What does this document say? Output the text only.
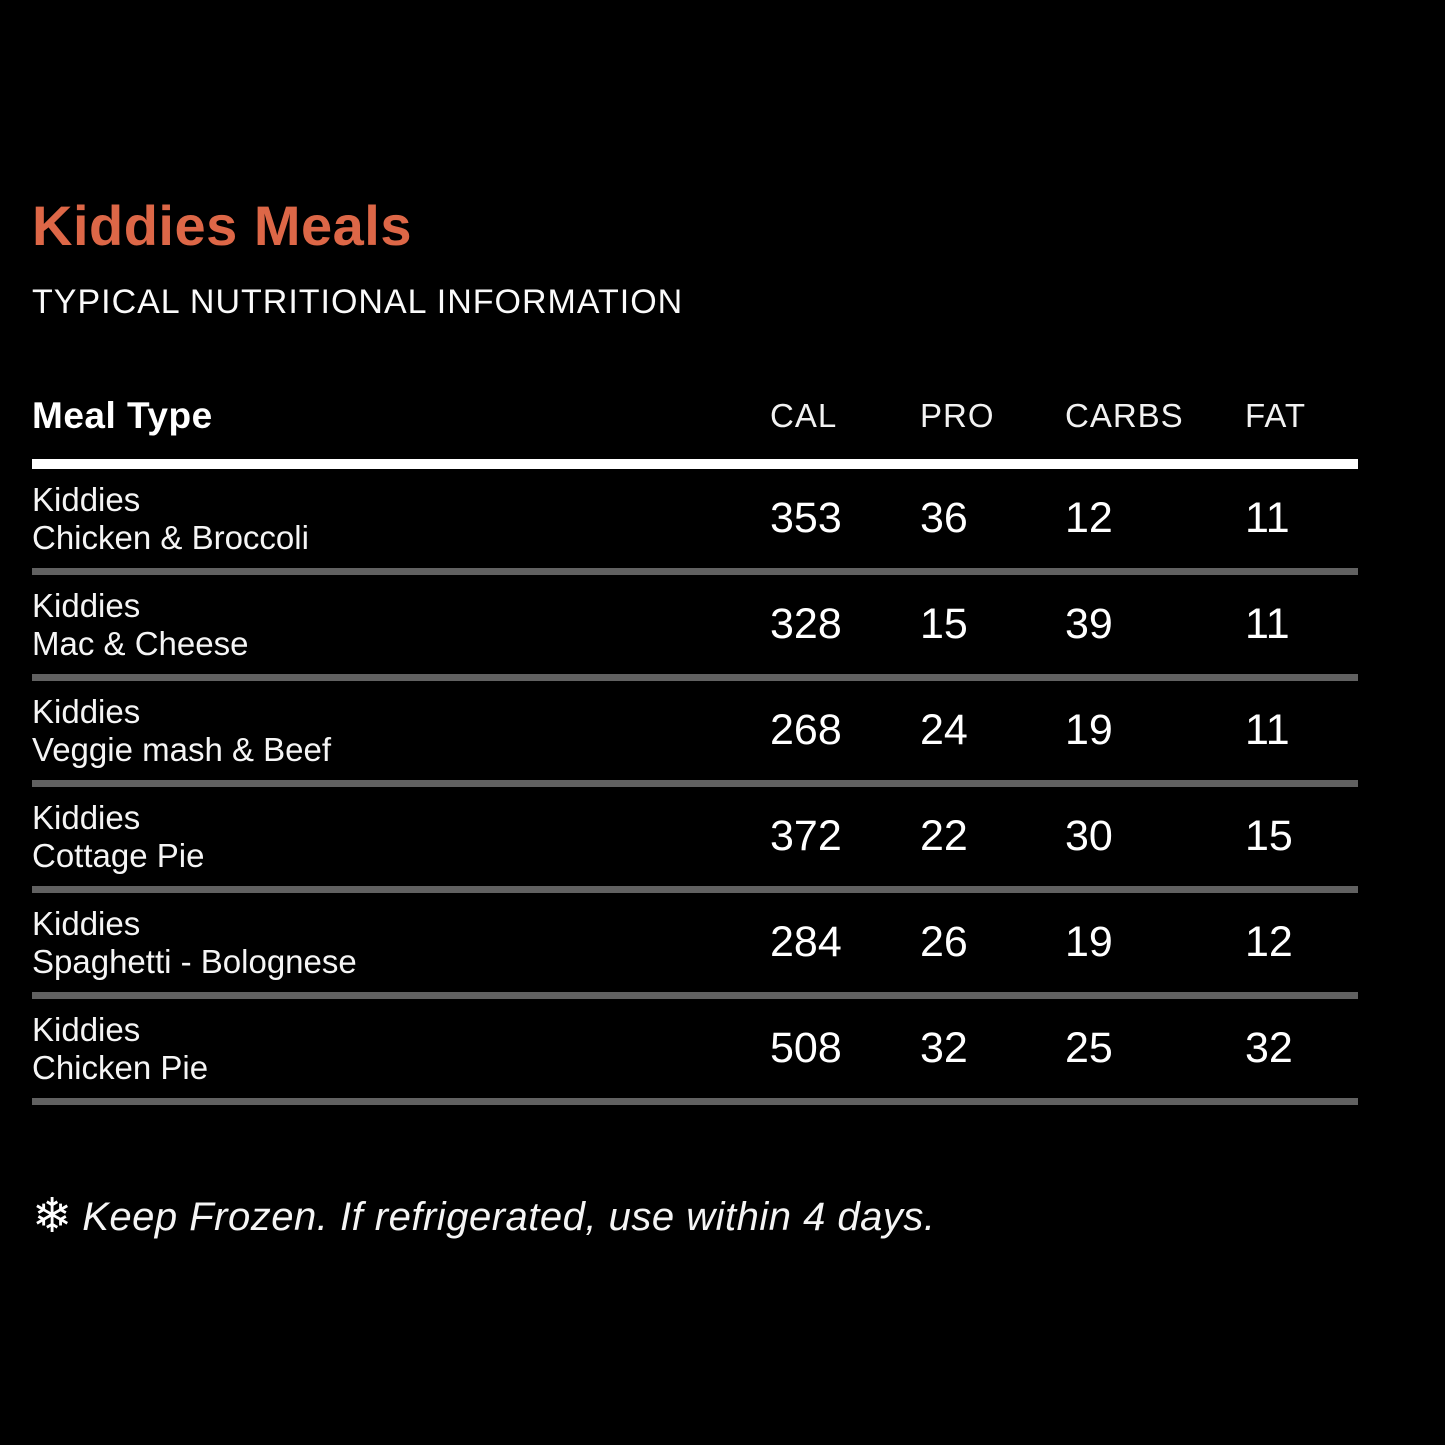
Kiddies Meals
TYPICAL NUTRITIONAL INFORMATION
Meal Type	CAL	PRO	CARBS	FAT
Kiddies
Chicken & Broccoli	353	36	12	11
Kiddies
Mac & Cheese	328	15	39	11
Kiddies
Veggie mash & Beef	268	24	19	11
Kiddies
Cottage Pie	372	22	30	15
Kiddies
Spaghetti - Bolognese	284	26	19	12
Kiddies
Chicken Pie	508	32	25	32
❄ Keep Frozen. If refrigerated, use within 4 days.
